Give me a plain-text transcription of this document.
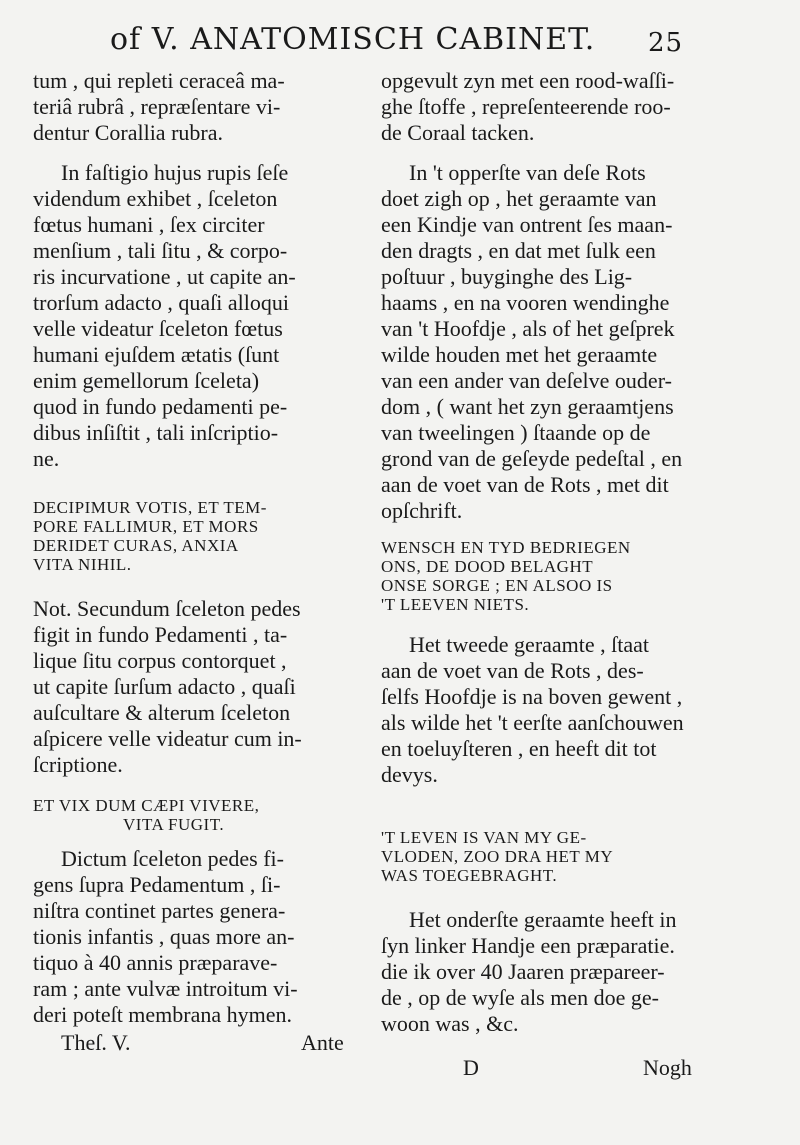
of V. ANATOMISCH CABINET. 25
tum , qui repleti ceraceâ ma-
teriâ rubrâ , repræſentare vi-
dentur Corallia rubra.
In faſtigio hujus rupis ſeſe
videndum exhibet , ſceleton
fœtus humani , ſex circiter
menſium , tali ſitu , & corpo-
ris incurvatione , ut capite an-
trorſum adacto , quaſi alloqui
velle videatur ſceleton fœtus
humani ejuſdem ætatis (ſunt
enim gemellorum ſceleta)
quod in fundo pedamenti pe-
dibus inſiſtit , tali inſcriptio-
ne.
DECIPIMUR VOTIS, ET TEM-
PORE FALLIMUR, ET MORS
DERIDET CURAS, ANXIA
VITA NIHIL.
Not. Secundum ſceleton pedes
figit in fundo Pedamenti , ta-
lique ſitu corpus contorquet ,
ut capite ſurſum adacto , quaſi
auſcultare & alterum ſceleton
aſpicere velle videatur cum in-
ſcriptione.
ET VIX DUM CÆPI VIVERE,
VITA FUGIT.
Dictum ſceleton pedes fi-
gens ſupra Pedamentum , ſi-
niſtra continet partes genera-
tionis infantis , quas more an-
tiquo à 40 annis præparave-
ram ; ante vulvæ introitum vi-
deri poteſt membrana hymen.
Theſ. V.	Ante
opgevult zyn met een rood-waſſi-
ghe ſtoffe , repreſenteerende roo-
de Coraal tacken.
In 't opperſte van deſe Rots
doet zigh op , het geraamte van
een Kindje van ontrent ſes maan-
den dragts , en dat met ſulk een
poſtuur , buyginghe des Lig-
haams , en na vooren wendinghe
van 't Hoofdje , als of het geſprek
wilde houden met het geraamte
van een ander van deſelve ouder-
dom , ( want het zyn geraamtjens
van tweelingen ) ſtaande op de
grond van de geſeyde pedeſtal , en
aan de voet van de Rots , met dit
opſchrift.
WENSCH EN TYD BEDRIEGEN
ONS, DE DOOD BELAGHT
ONSE SORGE ; EN ALSOO IS
'T LEEVEN NIETS.
Het tweede geraamte , ſtaat
aan de voet van de Rots , des-
ſelfs Hoofdje is na boven gewent ,
als wilde het 't eerſte aanſchouwen
en toeluyſteren , en heeft dit tot
devys.
'T LEVEN IS VAN MY GE-
VLODEN, ZOO DRA HET MY
WAS TOEGEBRAGHT.
Het onderſte geraamte heeft in
ſyn linker Handje een præparatie.
die ik over 40 Jaaren præpareer-
de , op de wyſe als men doe ge-
woon was , &c.
D	Nogh
